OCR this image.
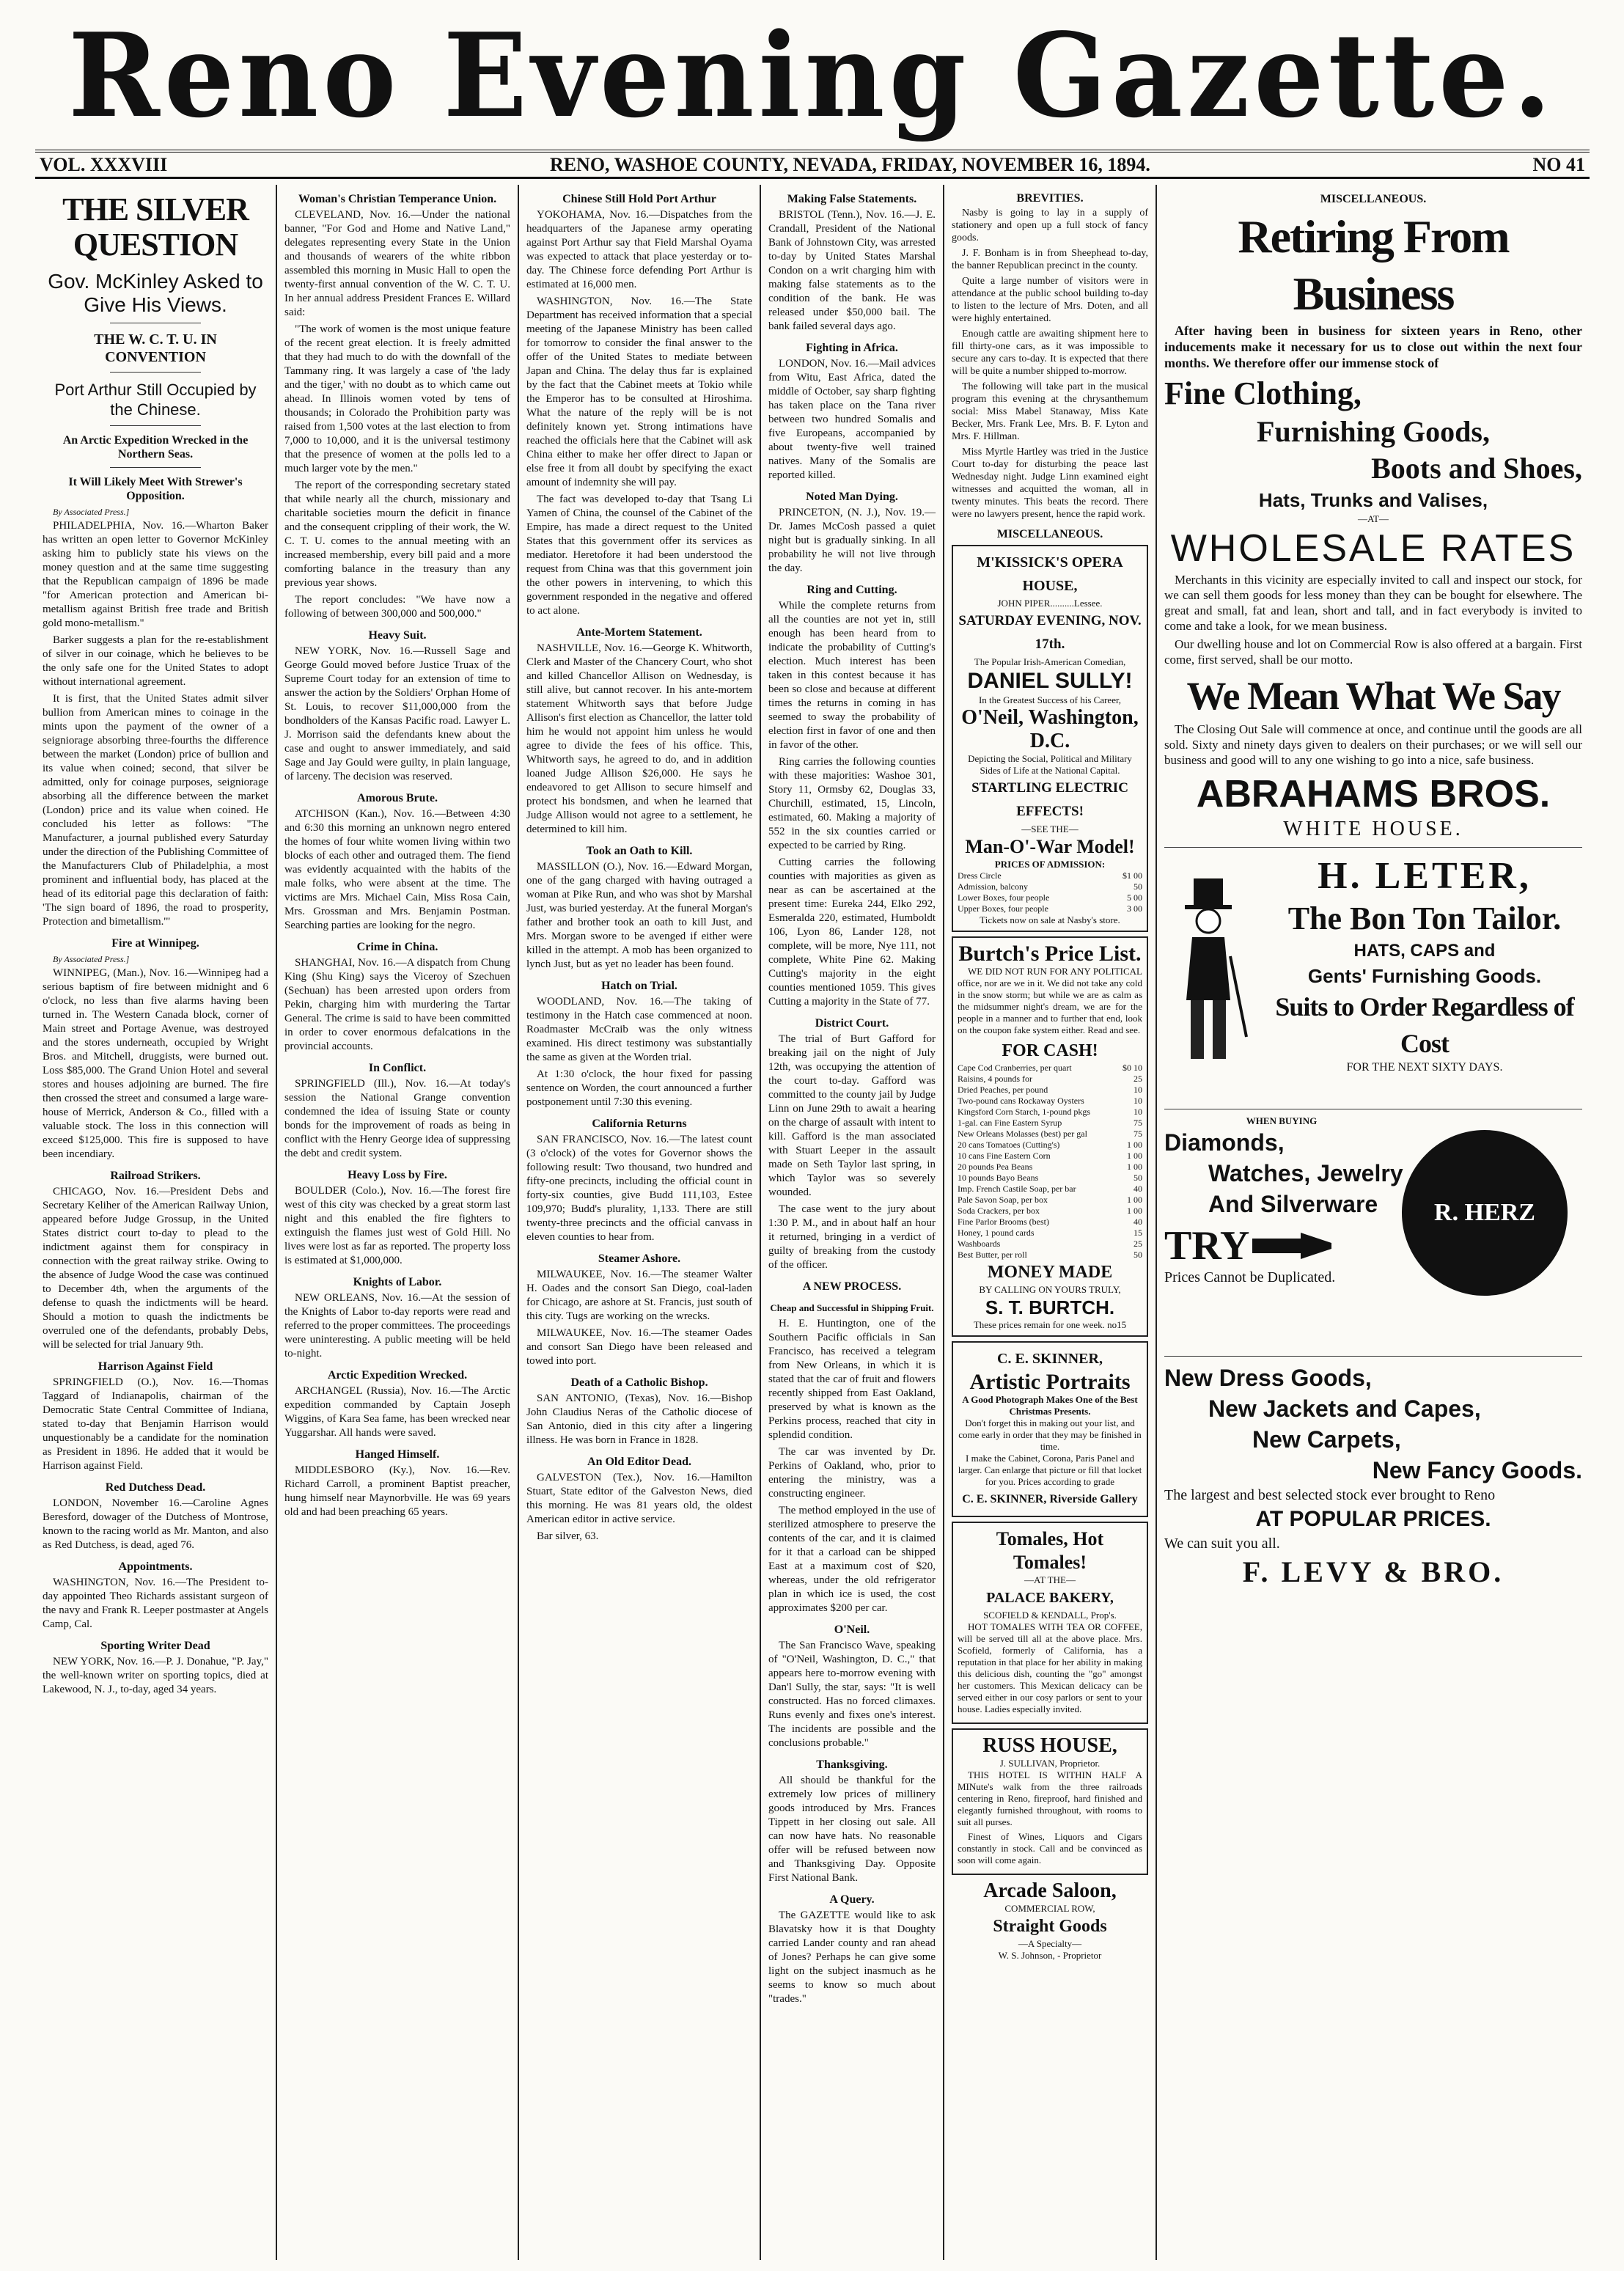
Reno Evening Gazette.
VOL. XXXVIII	RENO, WASHOE COUNTY, NEVADA, FRIDAY, NOVEMBER 16, 1894.	NO 41
THE SILVER QUESTION
Gov. McKinley Asked to Give His Views.
THE W. C. T. U. IN CONVENTION
Port Arthur Still Occupied by the Chinese.
An Arctic Expedition Wrecked in the Northern Seas.
It Will Likely Meet With Strewer's Opposition.

By Associated Press.]

PHILADELPHIA, Nov. 16.—Wharton Baker has written an open letter to Governor McKinley asking him to publicly state his views on the money question and at the same time suggesting that the Republican campaign of 1896 be made "for American protection and American bi-metallism against British free trade and British gold mono-metallism."

Barker suggests a plan for the re-establishment of silver in our coinage, which he believes to be the only safe one for the United States to adopt without international agreement.

It is first, that the United States admit silver bullion from American mines to coinage in the mints upon the payment of the owner of a seigniorage absorbing three-fourths the difference between the market (London) price of bullion and its value when coined; second, that silver be admitted, only for coinage purposes, seigniorage absorbing all the difference between the market (London) price and its value when coined. He concluded his letter as follows: "The Manufacturer, a journal published every Saturday under the direction of the Publishing Committee of the Manufacturers Club of Philadelphia, a most prominent and influential body, has placed at the head of its editorial page this declaration of faith: 'The sign board of 1896, the road to prosperity, Protection and bimetallism.'"

Fire at Winnipeg.

By Associated Press.]

WINNIPEG, (Man.), Nov. 16.—Winnipeg had a serious baptism of fire between midnight and 6 o'clock, no less than five alarms having been turned in. The Western Canada block, corner of Main street and Portage Avenue, was destroyed and the stores underneath, occupied by Wright Bros. and Mitchell, druggists, were burned out. Loss $85,000. The Grand Union Hotel and several stores and houses adjoining are burned. The fire then crossed the street and consumed a large ware-house of Merrick, Anderson & Co., filled with a valuable stock. The loss in this connection will exceed $125,000. This fire is supposed to have been incendiary.

Railroad Strikers.

CHICAGO, Nov. 16.—President Debs and Secretary Keliher of the American Railway Union, appeared before Judge Grossup, in the United States district court to-day to plead to the indictment against them for conspiracy in connection with the great railway strike. Owing to the absence of Judge Wood the case was continued to December 4th, when the arguments of the defense to quash the indictments will be heard. Should a motion to quash the indictments be overruled one of the defendants, probably Debs, will be selected for trial January 9th.

Harrison Against Field

SPRINGFIELD (O.), Nov. 16.—Thomas Taggard of Indianapolis, chairman of the Democratic State Central Committee of Indiana, stated to-day that Benjamin Harrison would unquestionably be a candidate for the nomination as President in 1896. He added that it would be Harrison against Field.

Red Dutchess Dead.

LONDON, November 16.—Caroline Agnes Beresford, dowager of the Dutchess of Montrose, known to the racing world as Mr. Manton, and also as Red Dutchess, is dead, aged 76.

Appointments.

WASHINGTON, Nov. 16.—The President to-day appointed Theo Richards assistant surgeon of the navy and Frank R. Leeper postmaster at Angels Camp, Cal.

Sporting Writer Dead

NEW YORK, Nov. 16.—P. J. Donahue, "P. Jay," the well-known writer on sporting topics, died at Lakewood, N. J., to-day, aged 34 years.

Woman's Christian Temperance Union.

CLEVELAND, Nov. 16.—Under the national banner, "For God and Home and Native Land," delegates representing every State in the Union and thousands of wearers of the white ribbon assembled this morning in Music Hall to open the twenty-first annual convention of the W. C. T. U. In her annual address President Frances E. Willard said:

"The work of women is the most unique feature of the recent great election. It is freely admitted that they had much to do with the downfall of the Tammany ring. It was largely a case of 'the lady and the tiger,' with no doubt as to which came out ahead. In Illinois women voted by tens of thousands; in Colorado the Prohibition party was raised from 1,500 votes at the last election to from 7,000 to 10,000, and it is the universal testimony that the presence of women at the polls led to a much larger vote by the men."

The report of the corresponding secretary stated that while nearly all the church, missionary and charitable societies mourn the deficit in finance and the consequent crippling of their work, the W. C. T. U. comes to the annual meeting with an increased membership, every bill paid and a more comforting balance in the treasury than any previous year shows.

The report concludes: "We have now a following of between 300,000 and 500,000."

Heavy Suit.

NEW YORK, Nov. 16.—Russell Sage and George Gould moved before Justice Truax of the Supreme Court today for an extension of time to answer the action by the Soldiers' Orphan Home of St. Louis, to recover $11,000,000 from the bondholders of the Kansas Pacific road. Lawyer L. J. Morrison said the defendants knew about the case and ought to answer immediately, and said Sage and Jay Gould were guilty, in plain language, of larceny. The decision was reserved.

Amorous Brute.

ATCHISON (Kan.), Nov. 16.—Between 4:30 and 6:30 this morning an unknown negro entered the homes of four white women living within two blocks of each other and outraged them. The fiend was evidently acquainted with the habits of the male folks, who were absent at the time. The victims are Mrs. Michael Cain, Miss Rosa Cain, Mrs. Grossman and Mrs. Benjamin Postman. Searching parties are looking for the negro.

Crime in China.

SHANGHAI, Nov. 16.—A dispatch from Chung King (Shu King) says the Viceroy of Szechuen (Sechuan) has been arrested upon orders from Pekin, charging him with murdering the Tartar General. The crime is said to have been committed in order to cover enormous defalcations in the provincial accounts.

In Conflict.

SPRINGFIELD (Ill.), Nov. 16.—At today's session the National Grange convention condemned the idea of issuing State or county bonds for the improvement of roads as being in conflict with the Henry George idea of suppressing the debt and credit system.

Heavy Loss by Fire.

BOULDER (Colo.), Nov. 16.—The forest fire west of this city was checked by a great storm last night and this enabled the fire fighters to extinguish the flames just west of Gold Hill. No lives were lost as far as reported. The property loss is estimated at $1,000,000.

Knights of Labor.

NEW ORLEANS, Nov. 16.—At the session of the Knights of Labor to-day reports were read and referred to the proper committees. The proceedings were uninteresting. A public meeting will be held to-night.

Arctic Expedition Wrecked.

ARCHANGEL (Russia), Nov. 16.—The Arctic expedition commanded by Captain Joseph Wiggins, of Kara Sea fame, has been wrecked near Yuggarshar. All hands were saved.

Hanged Himself.

MIDDLESBORO (Ky.), Nov. 16.—Rev. Richard Carroll, a prominent Baptist preacher, hung himself near Maynorbville. He was 69 years old and had been preaching 65 years.

Chinese Still Hold Port Arthur

YOKOHAMA, Nov. 16.—Dispatches from the headquarters of the Japanese army operating against Port Arthur say that Field Marshal Oyama was expected to attack that place yesterday or to-day. The Chinese force defending Port Arthur is estimated at 16,000 men.

WASHINGTON, Nov. 16.—The State Department has received information that a special meeting of the Japanese Ministry has been called for tomorrow to consider the final answer to the offer of the United States to mediate between Japan and China. The delay thus far is explained by the fact that the Cabinet meets at Tokio while the Emperor has to be consulted at Hiroshima. What the nature of the reply will be is not definitely known yet. Strong intimations have reached the officials here that the Cabinet will ask China either to make her offer direct to Japan or else free it from all doubt by specifying the exact amount of indemnity she will pay.

The fact was developed to-day that Tsang Li Yamen of China, the counsel of the Cabinet of the Empire, has made a direct request to the United States that this government offer its services as mediator. Heretofore it had been understood the request from China was that this government join the other powers in intervening, to which this government responded in the negative and offered to act alone.

Ante-Mortem Statement.

NASHVILLE, Nov. 16.—George K. Whitworth, Clerk and Master of the Chancery Court, who shot and killed Chancellor Allison on Wednesday, is still alive, but cannot recover. In his ante-mortem statement Whitworth says that before Judge Allison's first election as Chancellor, the latter told him he would not appoint him unless he would agree to divide the fees of his office. This, Whitworth says, he agreed to do, and in addition loaned Judge Allison $26,000. He says he endeavored to get Allison to secure himself and protect his bondsmen, and when he learned that Judge Allison would not agree to a settlement, he determined to kill him.

Took an Oath to Kill.

MASSILLON (O.), Nov. 16.—Edward Morgan, one of the gang charged with having outraged a woman at Pike Run, and who was shot by Marshal Just, was buried yesterday. At the funeral Morgan's father and brother took an oath to kill Just, and Mrs. Morgan swore to be avenged if either were killed in the attempt. A mob has been organized to lynch Just, but as yet no leader has been found.

Hatch on Trial.

WOODLAND, Nov. 16.—The taking of testimony in the Hatch case commenced at noon. Roadmaster McCraib was the only witness examined. His direct testimony was substantially the same as given at the Worden trial.

At 1:30 o'clock, the hour fixed for passing sentence on Worden, the court announced a further postponement until 7:30 this evening.

California Returns

SAN FRANCISCO, Nov. 16.—The latest count (3 o'clock) of the votes for Governor shows the following result: Two thousand, two hundred and fifty-one precincts, including the official count in forty-six counties, give Budd 111,103, Estee 109,970; Budd's plurality, 1,133. There are still twenty-three precincts and the official canvass in eleven counties to hear from.

Steamer Ashore.

MILWAUKEE, Nov. 16.—The steamer Walter H. Oades and the consort San Diego, coal-laden for Chicago, are ashore at St. Francis, just south of this city. Tugs are working on the wrecks.

MILWAUKEE, Nov. 16.—The steamer Oades and consort San Diego have been released and towed into port.

Death of a Catholic Bishop.

SAN ANTONIO, (Texas), Nov. 16.—Bishop John Claudius Neras of the Catholic diocese of San Antonio, died in this city after a lingering illness. He was born in France in 1828.

An Old Editor Dead.

GALVESTON (Tex.), Nov. 16.—Hamilton Stuart, State editor of the Galveston News, died this morning. He was 81 years old, the oldest American editor in active service.

Bar silver, 63.

Making False Statements.

BRISTOL (Tenn.), Nov. 16.—J. E. Crandall, President of the National Bank of Johnstown City, was arrested to-day by United States Marshal Condon on a writ charging him with making false statements as to the condition of the bank. He was released under $50,000 bail. The bank failed several days ago.

Fighting in Africa.

LONDON, Nov. 16.—Mail advices from Witu, East Africa, dated the middle of October, say sharp fighting has taken place on the Tana river between two hundred Somalis and five Europeans, accompanied by about twenty-five well trained natives. Many of the Somalis are reported killed.

Noted Man Dying.

PRINCETON, (N. J.), Nov. 19.—Dr. James McCosh passed a quiet night but is gradually sinking. In all probability he will not live through the day.

Ring and Cutting.

While the complete returns from all the counties are not yet in, still enough has been heard from to indicate the probability of Cutting's election. Much interest has been taken in this contest because it has been so close and because at different times the returns in coming in has seemed to sway the probability of election first in favor of one and then in favor of the other.

Ring carries the following counties with these majorities: Washoe 301, Story 11, Ormsby 62, Douglas 33, Churchill, estimated, 15, Lincoln, estimated, 60. Making a majority of 552 in the six counties carried or expected to be carried by Ring.

Cutting carries the following counties with majorities as given as near as can be ascertained at the present time: Eureka 244, Elko 292, Esmeralda 220, estimated, Humboldt 106, Lyon 86, Lander 128, not complete, will be more, Nye 111, not complete, White Pine 62. Making Cutting's majority in the eight counties mentioned 1059. This gives Cutting a majority in the State of 77.

District Court.

The trial of Burt Gafford for breaking jail on the night of July 12th, was occupying the attention of the court to-day. Gafford was committed to the county jail by Judge Linn on June 29th to await a hearing on the charge of assault with intent to kill. Gafford is the man associated with Stuart Leeper in the assault made on Seth Taylor last spring, in which Taylor was so severely wounded.

The case went to the jury about 1:30 P. M., and in about half an hour it returned, bringing in a verdict of guilty of breaking from the custody of the officer.

A NEW PROCESS.
Cheap and Successful in Shipping Fruit.

H. E. Huntington, one of the Southern Pacific officials in San Francisco, has received a telegram from New Orleans, in which it is stated that the car of fruit and flowers recently shipped from East Oakland, preserved by what is known as the Perkins process, reached that city in splendid condition.

The car was invented by Dr. Perkins of Oakland, who, prior to entering the ministry, was a constructing engineer.

The method employed in the use of sterilized atmosphere to preserve the contents of the car, and it is claimed for it that a carload can be shipped East at a maximum cost of $20, whereas, under the old refrigerator plan in which ice is used, the cost approximates $200 per car.

O'Neil.

The San Francisco Wave, speaking of "O'Neil, Washington, D. C.," that appears here to-morrow evening with Dan'l Sully, the star, says: "It is well constructed. Has no forced climaxes. Runs evenly and fixes one's interest. The incidents are possible and the conclusions probable."

Thanksgiving.

All should be thankful for the extremely low prices of millinery goods introduced by Mrs. Frances Tippett in her closing out sale. All can now have hats. No reasonable offer will be refused between now and Thanksgiving Day. Opposite First National Bank.

A Query.

The GAZETTE would like to ask Blavatsky how it is that Doughty carried Lander county and ran ahead of Jones? Perhaps he can give some light on the subject inasmuch as he seems to know so much about "trades."

BREVITIES.

Nasby is going to lay in a supply of stationery and open up a full stock of fancy goods.

J. F. Bonham is in from Sheephead to-day, the banner Republican precinct in the county.

Quite a large number of visitors were in attendance at the public school building to-day to listen to the lecture of Mrs. Doten, and all were highly entertained.

Enough cattle are awaiting shipment here to fill thirty-one cars, as it was impossible to secure any cars to-day. It is expected that there will be quite a number shipped to-morrow.

The following will take part in the musical program this evening at the chrysanthemum social: Miss Mabel Stanaway, Miss Kate Becker, Mrs. Frank Lee, Mrs. B. F. Lyton and Mrs. F. Hillman.

Miss Myrtle Hartley was tried in the Justice Court to-day for disturbing the peace last Wednesday night. Judge Linn examined eight witnesses and acquitted the woman, all in twenty minutes. This beats the record. There were no lawyers present, hence the rapid work.

MISCELLANEOUS.
M'KISSICK'S OPERA HOUSE,
JOHN PIPER..........Lessee.
SATURDAY EVENING, NOV. 17th.
The Popular Irish-American Comedian,
DANIEL SULLY!
In the Greatest Success of his Career,
O'Neil, Washington, D.C.
Depicting the Social, Political and Military Sides of Life at the National Capital.
STARTLING ELECTRIC EFFECTS!
—SEE THE—
Man-O'-War Model!
PRICES OF ADMISSION:
Dress Circle	$1 00
Admission, balcony	50
Lower Boxes, four people	5 00
Upper Boxes, four people	3 00
Tickets now on sale at Nasby's store.
Burtch's Price List.

WE DID NOT RUN FOR ANY POLITICAL office, nor are we in it. We did not take any cold in the snow storm; but while we are as calm as the midsummer night's dream, we are for the people in a manner and to further that end, look on the coupon fake system either. Read and see.

FOR CASH!
Cape Cod Cranberries, per quart	$0 10
Raisins, 4 pounds for	25
Dried Peaches, per pound	10
Two-pound cans Rockaway Oysters	10
Kingsford Corn Starch, 1-pound pkgs	10
1-gal. can Fine Eastern Syrup	75
New Orleans Molasses (best) per gal	75
20 cans Tomatoes (Cutting's)	1 00
10 cans Fine Eastern Corn	1 00
20 pounds Pea Beans	1 00
10 pounds Bayo Beans	50
Imp. French Castile Soap, per bar	40
Pale Savon Soap, per box	1 00
Soda Crackers, per box	1 00
Fine Parlor Brooms (best)	40
Honey, 1 pound cards	15
Washboards	25
Best Butter, per roll	50
MONEY MADE
BY CALLING ON YOURS TRULY,
S. T. BURTCH.
These prices remain for one week. no15
C. E. SKINNER,
Artistic Portraits
A Good Photograph Makes One of the Best Christmas Presents.
Don't forget this in making out your list, and come early in order that they may be finished in time.
I make the Cabinet, Corona, Paris Panel and larger. Can enlarge that picture or fill that locket for you. Prices according to grade
C. E. SKINNER, Riverside Gallery
Tomales, Hot Tomales!
—AT THE—
PALACE BAKERY,
SCOFIELD & KENDALL, Prop's.

HOT TOMALES WITH TEA OR COFFEE, will be served till all at the above place. Mrs. Scofield, formerly of California, has a reputation in that place for her ability in making this delicious dish, counting the "go" amongst her customers. This Mexican delicacy can be served either in our cosy parlors or sent to your house. Ladies especially invited.

RUSS HOUSE,
J. SULLIVAN, Proprietor.

THIS HOTEL IS WITHIN HALF A MINute's walk from the three railroads centering in Reno, fireproof, hard finished and elegantly furnished throughout, with rooms to suit all purses.

Finest of Wines, Liquors and Cigars constantly in stock. Call and be convinced as soon will come again.

Arcade Saloon,
COMMERCIAL ROW,
Straight Goods
—A Specialty—
W. S. Johnson, - Proprietor
MISCELLANEOUS.
Retiring From Business

After having been in business for sixteen years in Reno, other inducements make it necessary for us to close out within the next four months. We therefore offer our immense stock of

Fine Clothing,
Furnishing Goods,
Boots and Shoes,
Hats, Trunks and Valises,
—AT—
WHOLESALE RATES

Merchants in this vicinity are especially invited to call and inspect our stock, for we can sell them goods for less money than they can be bought for elsewhere. The great and small, fat and lean, short and tall, and in fact everybody is invited to come and take a look, for we mean business.

Our dwelling house and lot on Commercial Row is also offered at a bargain. First come, first served, shall be our motto.

We Mean What We Say

The Closing Out Sale will commence at once, and continue until the goods are all sold. Sixty and ninety days given to dealers on their purchases; or we will sell our business and good will to any one wishing to go into a nice, safe business.

ABRAHAMS BROS.
WHITE HOUSE.
H. LETER,
The Bon Ton Tailor.
HATS, CAPS and
Gents' Furnishing Goods.
Suits to Order Regardless of Cost
FOR THE NEXT SIXTY DAYS.
WHEN BUYING
Diamonds,
Watches, Jewelry
And Silverware
TRY
Prices Cannot be Duplicated.
R. HERZ
New Dress Goods,
New Jackets and Capes,
New Carpets,
New Fancy Goods.
The largest and best selected stock ever brought to Reno
AT POPULAR PRICES.
We can suit you all.
F. LEVY & BRO.
